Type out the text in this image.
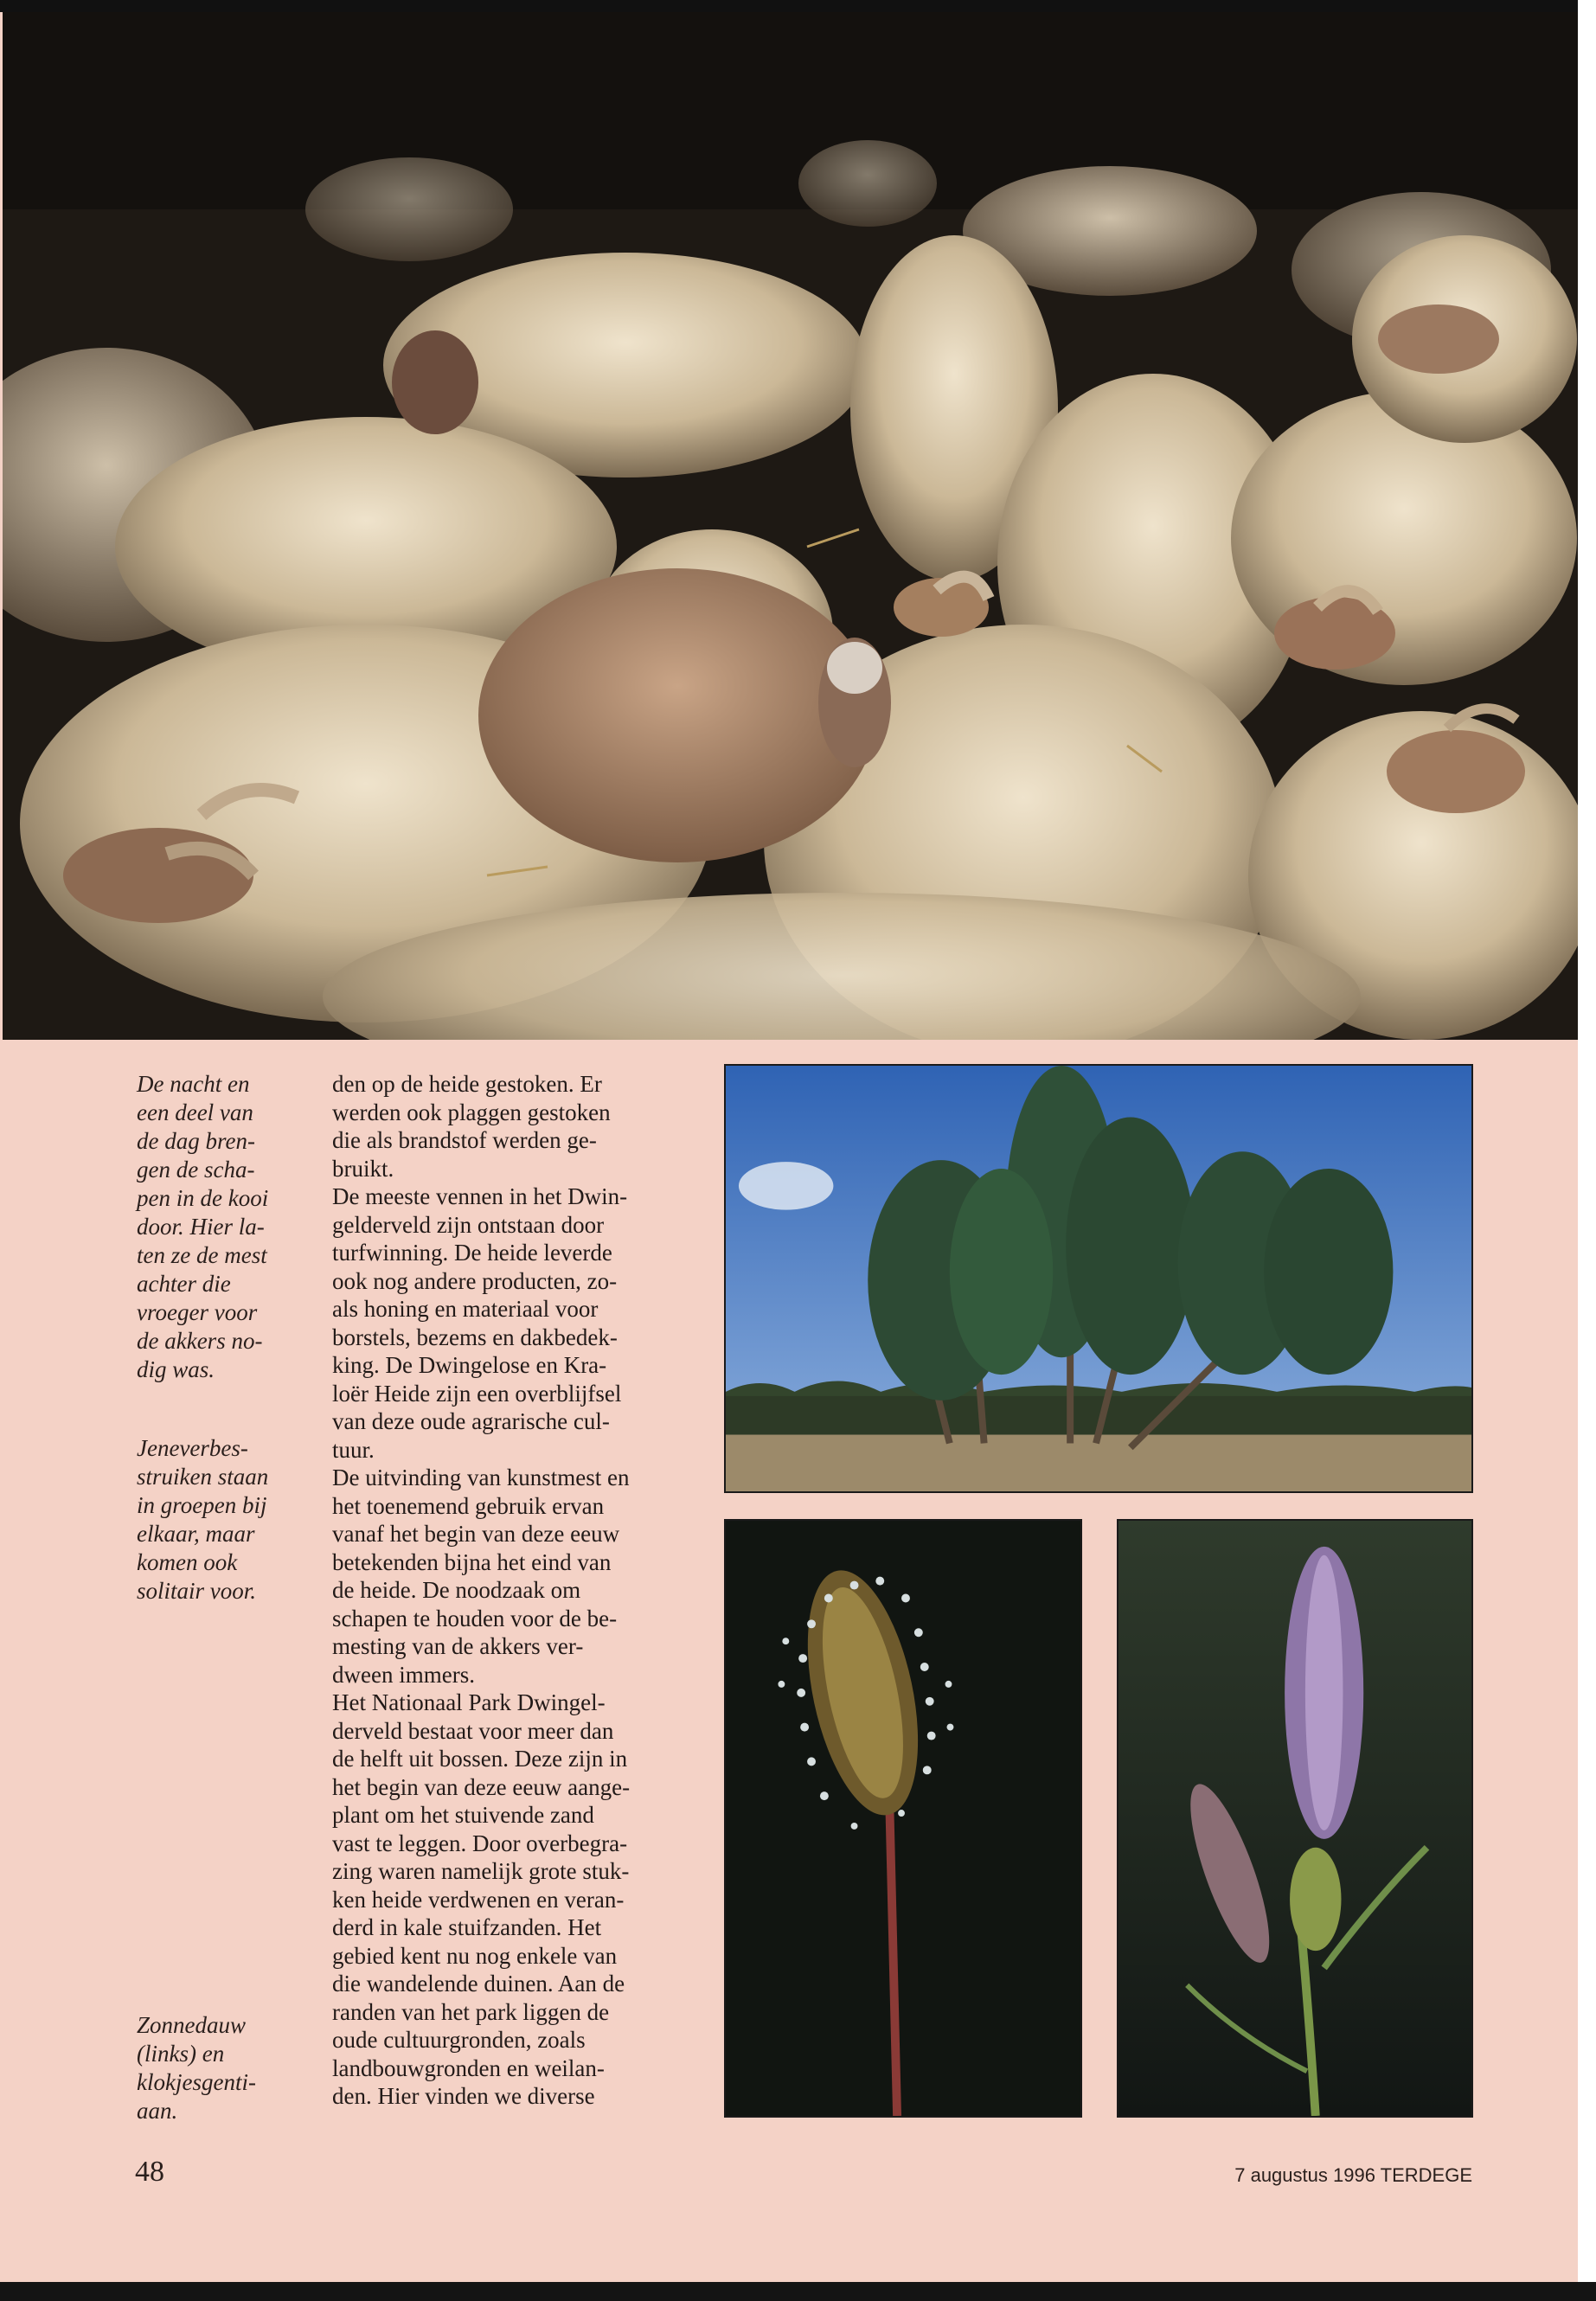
De nacht en
een deel van
de dag bren-
gen de scha-
pen in de kooi
door. Hier la-
ten ze de mest
achter die
vroeger voor
de akkers no-
dig was.
Jeneverbes-
struiken staan
in groepen bij
elkaar, maar
komen ook
solitair voor.
Zonnedauw
(links) en
klokjesgenti-
aan.
den op de heide gestoken. Er
werden ook plaggen gestoken
die als brandstof werden ge-
bruikt.
De meeste vennen in het Dwin-
gelderveld zijn ontstaan door
turfwinning. De heide leverde
ook nog andere producten, zo-
als honing en materiaal voor
borstels, bezems en dakbedek-
king. De Dwingelose en Kra-
loër Heide zijn een overblijfsel
van deze oude agrarische cul-
tuur.
De uitvinding van kunstmest en
het toenemend gebruik ervan
vanaf het begin van deze eeuw
betekenden bijna het eind van
de heide. De noodzaak om
schapen te houden voor de be-
mesting van de akkers ver-
dween immers.
Het Nationaal Park Dwingel-
derveld bestaat voor meer dan
de helft uit bossen. Deze zijn in
het begin van deze eeuw aange-
plant om het stuivende zand
vast te leggen. Door overbegra-
zing waren namelijk grote stuk-
ken heide verdwenen en veran-
derd in kale stuifzanden. Het
gebied kent nu nog enkele van
die wandelende duinen. Aan de
randen van het park liggen de
oude cultuurgronden, zoals
landbouwgronden en weilan-
den. Hier vinden we diverse
48	7 augustus 1996 TERDEGE
